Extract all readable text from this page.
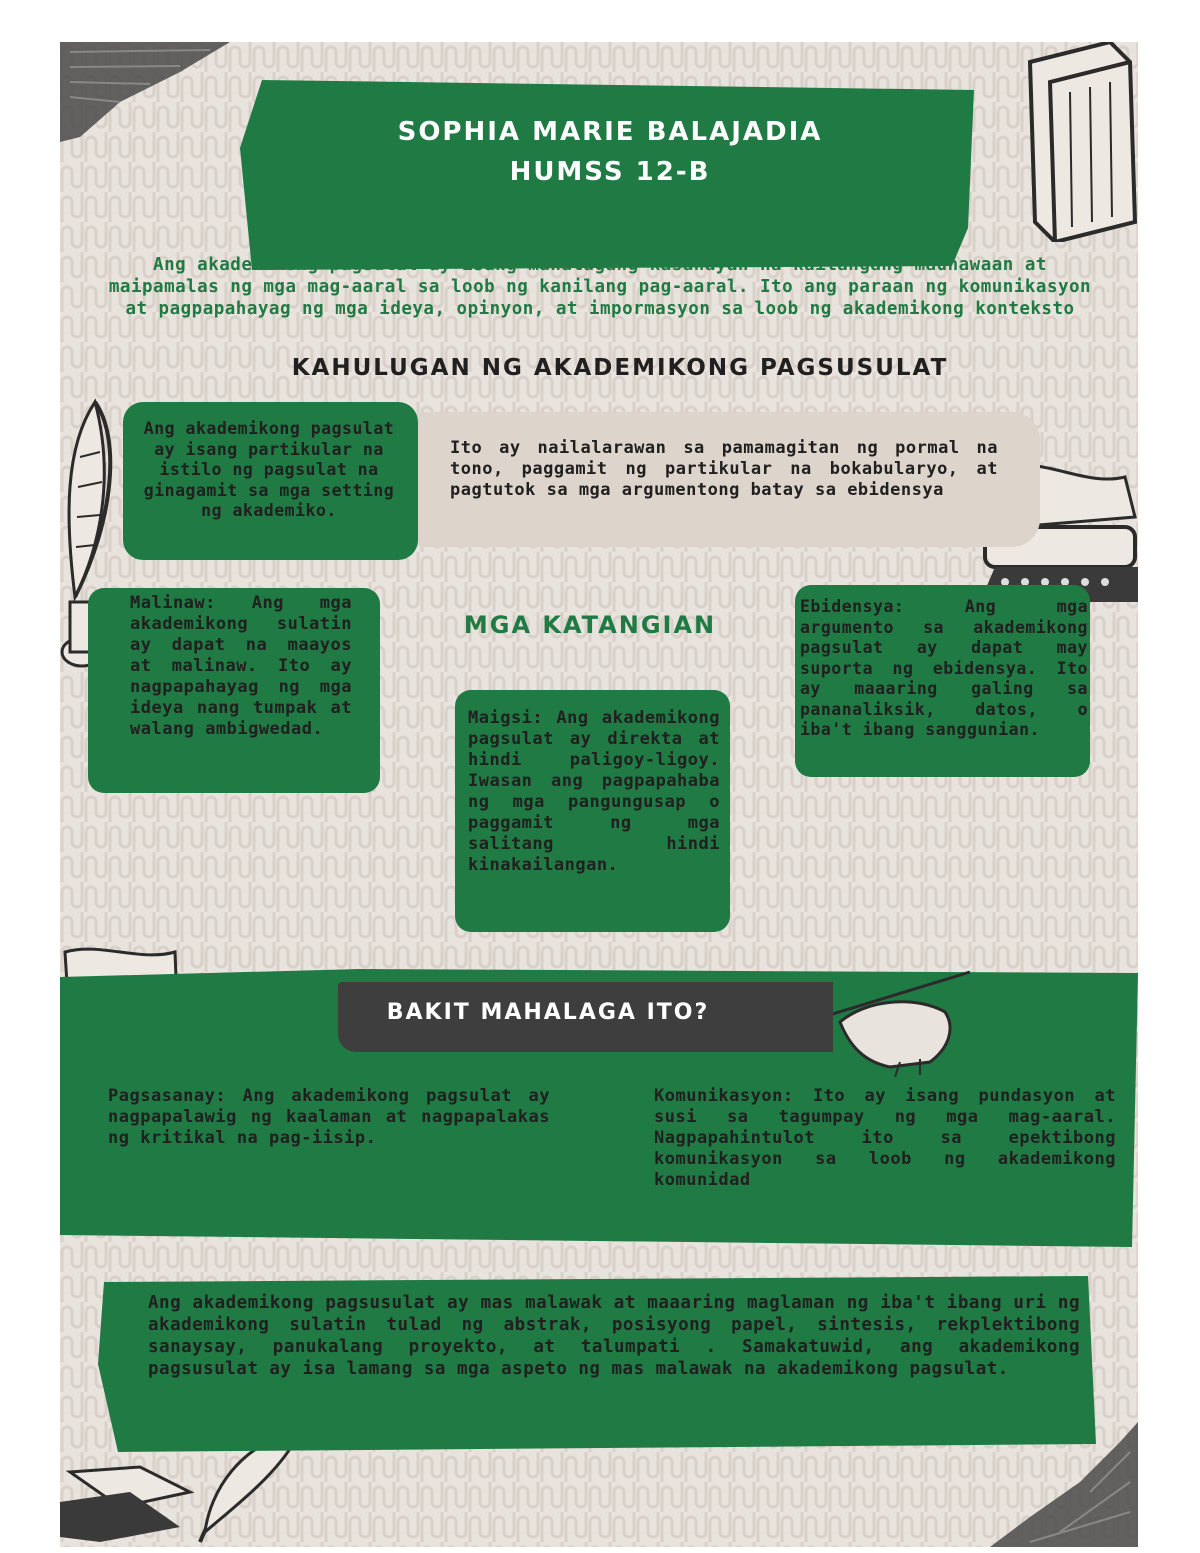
SOPHIA MARIE BALAJADIA
HUMSS 12-B
Ang akademikong pagsulat ay isang mahalagang kasanayan na kailangang maunawaan at maipamalas ng mga mag-aaral sa loob ng kanilang pag-aaral. Ito ang paraan ng komunikasyon at pagpapahayag ng mga ideya, opinyon, at impormasyon sa loob ng akademikong konteksto
KAHULUGAN NG AKADEMIKONG PAGSUSULAT
Ito ay nailalarawan sa pamamagitan ng pormal na tono, paggamit ng partikular na bokabularyo, at pagtutok sa mga argumentong batay sa ebidensya
Ang akademikong pagsulat ay isang partikular na istilo ng pagsulat na ginagamit sa mga setting ng akademiko.
MGA KATANGIAN
Malinaw: Ang mga akademikong sulatin ay dapat na maayos at malinaw. Ito ay nagpapahayag ng mga ideya nang tumpak at walang ambigwedad.
Ebidensya: Ang mga argumento sa akademikong pagsulat ay dapat may suporta ng ebidensya. Ito ay maaaring galing sa pananaliksik, datos, o iba't ibang sanggunian.
Maigsi: Ang akademikong pagsulat ay direkta at hindi paligoy-ligoy. Iwasan ang pagpapahaba ng mga pangungusap o paggamit ng mga salitang hindi kinakailangan.
BAKIT MAHALAGA ITO?
Pagsasanay: Ang akademikong pagsulat ay nagpapalawig ng kaalaman at nagpapalakas ng kritikal na pag-iisip.
Komunikasyon: Ito ay isang pundasyon at susi sa tagumpay ng mga mag-aaral. Nagpapahintulot ito sa epektibong komunikasyon sa loob ng akademikong komunidad
Ang akademikong pagsusulat ay mas malawak at maaaring maglaman ng iba't ibang uri ng akademikong sulatin tulad ng abstrak, posisyong papel, sintesis, rekplektibong sanaysay, panukalang proyekto, at talumpati . Samakatuwid, ang akademikong pagsusulat ay isa lamang sa mga aspeto ng mas malawak na akademikong pagsulat.
